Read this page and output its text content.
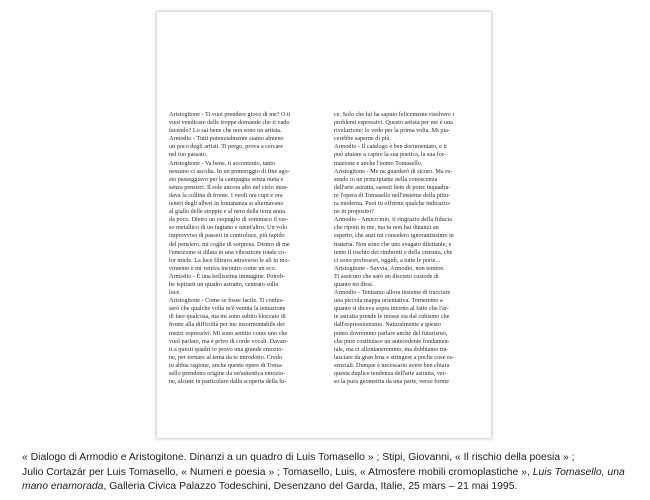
Aristogitone - Ti vuoi prendere gioco di me? O ti
vuoi vendicare delle troppe domande che ti vado
facendo? Lo sai bene che non sono un artista.
Armodio - Tutti potenzialmente siamo almeno
un poco degli artisti. Ti prego, prova a cercare
nel tuo passato.
Aristogitone - Va bene, ti accontento, tanto
nessuno ci ascolta. In un pomeriggio di fine ago-
sto passeggiavo per la campagna senza meta e
senza pensieri. Il sole ancora alto nel cielo inon-
dava la collina di fronte. I verdi ora cupi e ora
teneri degli alberi in lontananza si alternavano
al giallo delle stoppie e al nero della terra arata
da poco. Dietro un cespuglio di sommaco il ver-
so metallico di un fagiano e nient'altro. Un volo
improvviso di passeri in controluce, più rapido
del pensiero, mi coglie di sorpresa. Dentro di me
l'emozione si dilata in una vibrazione totale co-
lor miele. La luce filtrava attraverso le ali in mo-
vimento e mi veniva incontro come un eco.
Armodio - È una bellissima immagine. Potreb-
be ispirarti un quadro astratto, centrato sulla
luce.
Aristogitone - Come se fosse facile. Ti confes-
serò che qualche volta m'è venuta la tentazione
di fare qualcosa, ma mi sono subito bloccato di
fronte alla difficoltà per me insormontabile dei
mezzi espressivi. Mi sono sentito come uno che
vuol parlare, ma è privo di corde vocali. Davan-
ti a questi quadri io provo una grande emozio-
ne, per tornare al tema da te introdotto. Credo
tu abbia ragione, anche queste opere di Toma-
sello prendono origine da un'autentica emozio-
ne, alcune in particolare dalla scoperta della lu-

ce. Solo che lui ha saputo felicemente risolvere i
problemi espressivi. Questo artista per me è una
rivelazione; lo vedo per la prima volta. Mi pia-
cerebbe saperne di più.
Armodio - Il catalogo è ben documentato, e ti
può aiutare a capire la sua poetica, la sua for-
mazione e anche l'uomo Tomasello.
Aristogitone - Me ne guarderò di sicuro. Ma es-
sendo io un principiante nella conoscenza
dell'arte astratta, saresti lieto di poter inquadra-
re l'opera di Tomasello nell'insieme della pittu-
ra moderna. Puoi tu offrirmi qualche indicazio-
ne in proposito?
Armodio - Amico mio, ti ringrazio della fiducia
che riponi in me, ma tu non hai dinanzi un
esperto, che anzi mi considero ignorantissimo in
materia. Non sono che uno svagato dilettante, e
temo il rischio dei rimbrotti e della censura, che
ci sono professori, oggidì, a tutte le porte...
Aristogitone - Suvvia, Armodio, non temere.
Ti assicuro che sarò un discreto custode di
quanto mi dirai.
Armodio - Tentiamo allora insieme di tracciare
una piccola mappa orientativa. Torneremo a
quanto si diceva sopra intorno al fatto che l'ar-
te astratta prende le mosse sia dal cubismo che
dall'espressionismo. Naturalmente a questo
punto dovremmo parlare anche del futurismo,
che pure costituisce un antecedente fondamen-
tale, ma ci allontaneremmo, ma dobbiamo tra-
lasciare da gran lena e stringere a poche cose es-
senziali. Dunque è necessario avere ben chiara
questa duplice tendenza dell'arte astratta, ver-
so la pura geometria da una parte, verso forme

« Dialogo di Armodio e Aristogitone. Dinanzi a un quadro di Luis Tomasello » ; Stipi, Giovanni, « Il rischio della poesia » ;
Julio Cortazár per Luis Tomasello, « Numeri e poesia » ; Tomasello, Luis, « Atmosfere mobili cromoplastiche », Luis Tomasello, una mano enamorada, Galleria Civica Palazzo Todeschini, Desenzano del Garda, Italie, 25 mars – 21 mai 1995.
